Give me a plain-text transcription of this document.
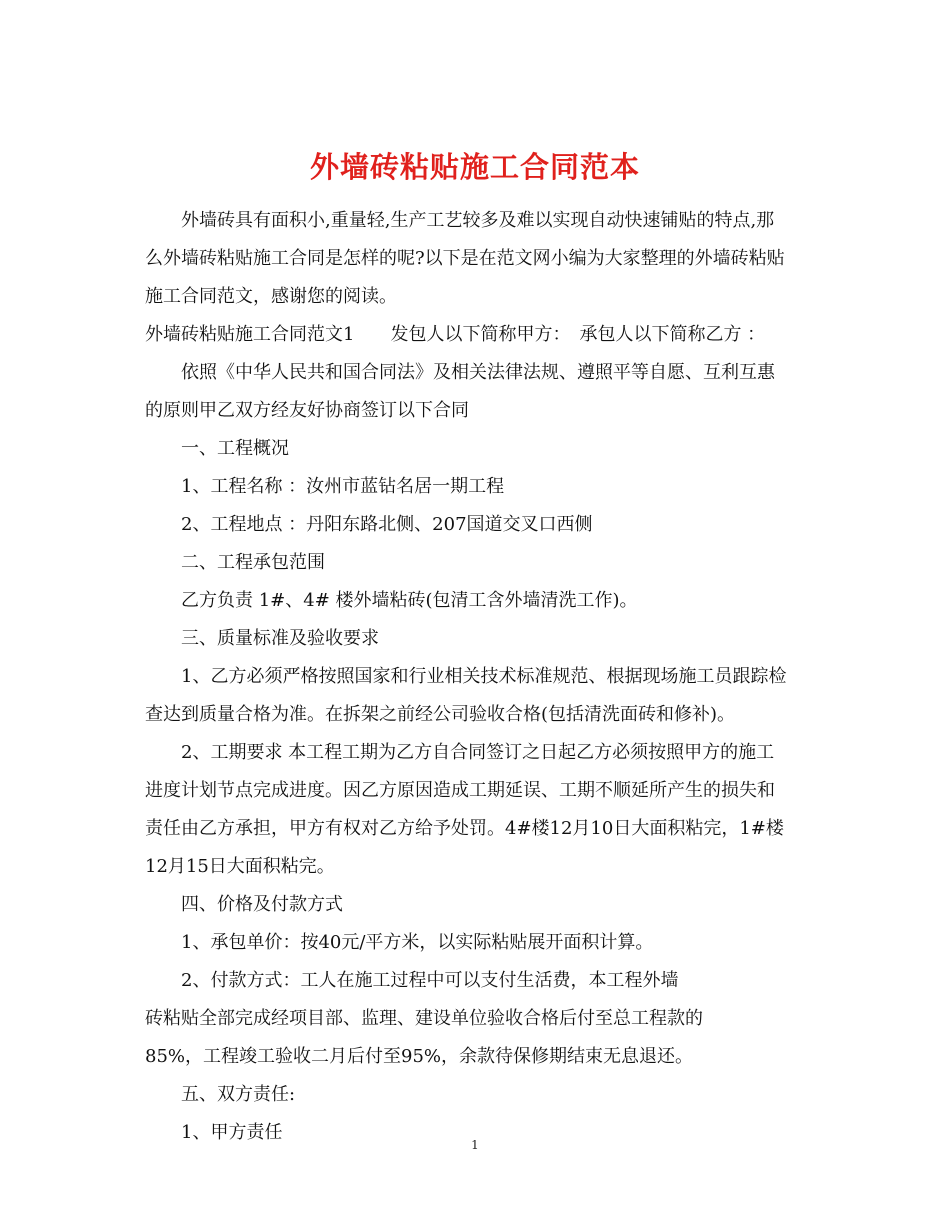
外墙砖粘贴施工合同范本

外墙砖具有面积小,重量轻,生产工艺较多及难以实现自动快速铺贴的特点,那

么外墙砖粘贴施工合同是怎样的呢?以下是在范文网小编为大家整理的外墙砖粘贴

施工合同范文，感谢您的阅读。

外墙砖粘贴施工合同范文1　　发包人以下简称甲方：　承包人以下简称乙方 ：

依照《中华人民共和国合同法》及相关法律法规、遵照平等自愿、互利互惠

的原则甲乙双方经友好协商签订以下合同

一、工程概况

1、工程名称 ：汝州市蓝钻名居一期工程

2、工程地点 ：丹阳东路北侧、207国道交叉口西侧

二、工程承包范围

乙方负责 1#、4# 楼外墙粘砖(包清工含外墙清洗工作)。

三、质量标准及验收要求

1、乙方必须严格按照国家和行业相关技术标准规范、根据现场施工员跟踪检

查达到质量合格为准。在拆架之前经公司验收合格(包括清洗面砖和修补)。

2、工期要求 本工程工期为乙方自合同签订之日起乙方必须按照甲方的施工

进度计划节点完成进度。因乙方原因造成工期延误、工期不顺延所产生的损失和

责任由乙方承担，甲方有权对乙方给予处罚。4#楼12月10日大面积粘完，1#楼

12月15日大面积粘完。

四、价格及付款方式

1、承包单价：按40元/平方米，以实际粘贴展开面积计算。

2、付款方式：工人在施工过程中可以支付生活费，本工程外墙

砖粘贴全部完成经项目部、监理、建设单位验收合格后付至总工程款的

85%，工程竣工验收二月后付至95%，余款待保修期结束无息退还。

五、双方责任:

1、甲方责任

1
